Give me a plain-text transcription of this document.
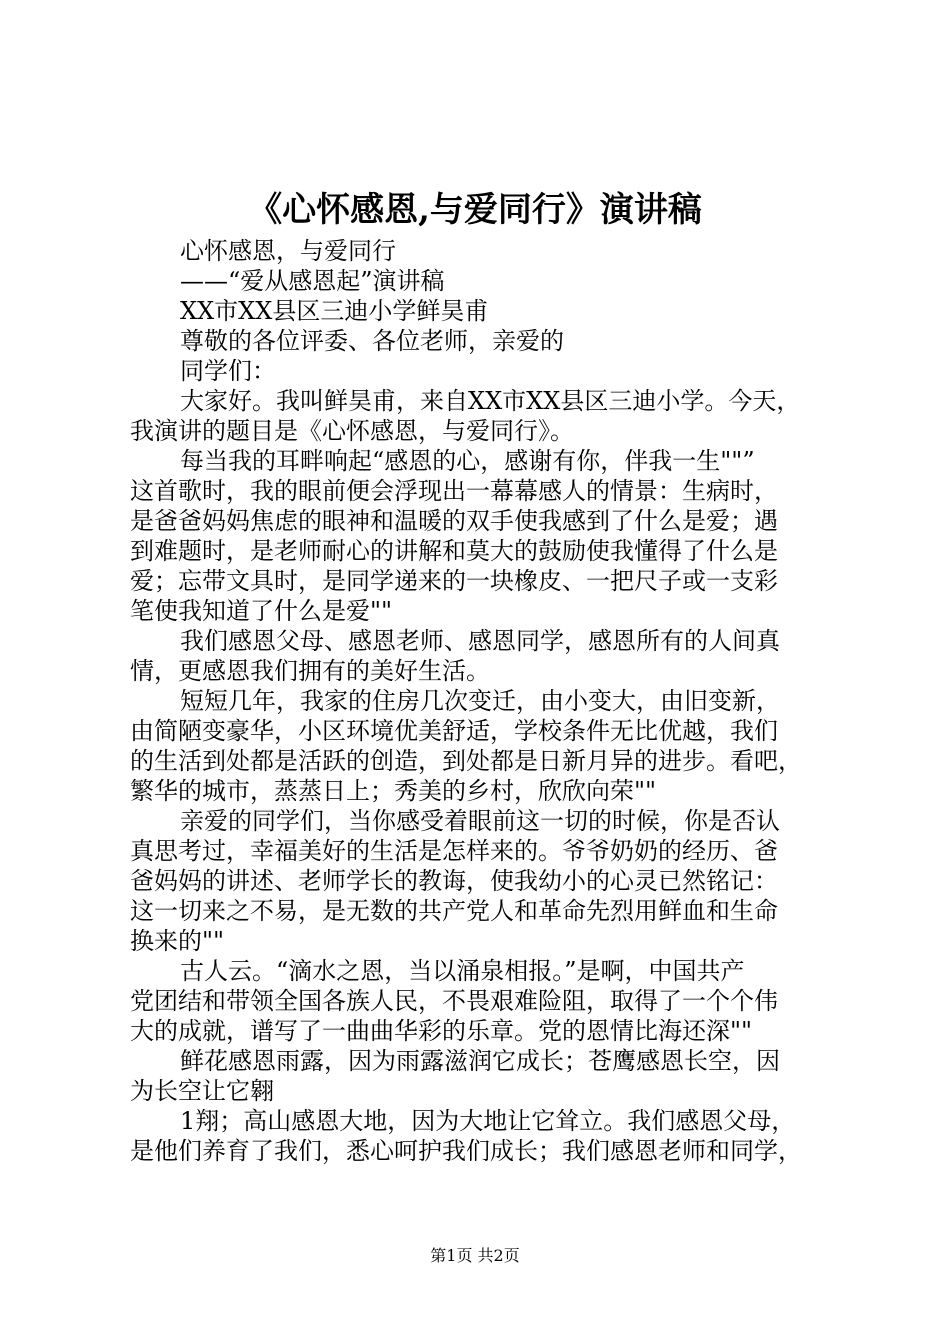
《心怀感恩,与爱同行》演讲稿
心怀感恩，与爱同行
——“爱从感恩起”演讲稿
XX市XX县区三迪小学鲜昊甫
尊敬的各位评委、各位老师，亲爱的
同学们：
大家好。我叫鲜昊甫，来自XX市XX县区三迪小学。今天，
我演讲的题目是《心怀感恩，与爱同行》。
每当我的耳畔响起“感恩的心，感谢有你，伴我一生""”
这首歌时，我的眼前便会浮现出一幕幕感人的情景：生病时，
是爸爸妈妈焦虑的眼神和温暖的双手使我感到了什么是爱；遇
到难题时，是老师耐心的讲解和莫大的鼓励使我懂得了什么是
爱；忘带文具时，是同学递来的一块橡皮、一把尺子或一支彩
笔使我知道了什么是爱""
我们感恩父母、感恩老师、感恩同学，感恩所有的人间真
情，更感恩我们拥有的美好生活。
短短几年，我家的住房几次变迁，由小变大，由旧变新，
由简陋变豪华，小区环境优美舒适，学校条件无比优越，我们
的生活到处都是活跃的创造，到处都是日新月异的进步。看吧，
繁华的城市，蒸蒸日上；秀美的乡村，欣欣向荣""
亲爱的同学们，当你感受着眼前这一切的时候，你是否认
真思考过，幸福美好的生活是怎样来的。爷爷奶奶的经历、爸
爸妈妈的讲述、老师学长的教诲，使我幼小的心灵已然铭记：
这一切来之不易，是无数的共产党人和革命先烈用鲜血和生命
换来的""
古人云。“滴水之恩，当以涌泉相报。”是啊，中国共产
党团结和带领全国各族人民，不畏艰难险阻，取得了一个个伟
大的成就，谱写了一曲曲华彩的乐章。党的恩情比海还深""
鲜花感恩雨露，因为雨露滋润它成长；苍鹰感恩长空，因
为长空让它翱
1翔；高山感恩大地，因为大地让它耸立。我们感恩父母，
是他们养育了我们，悉心呵护我们成长；我们感恩老师和同学，
第1页 共2页
